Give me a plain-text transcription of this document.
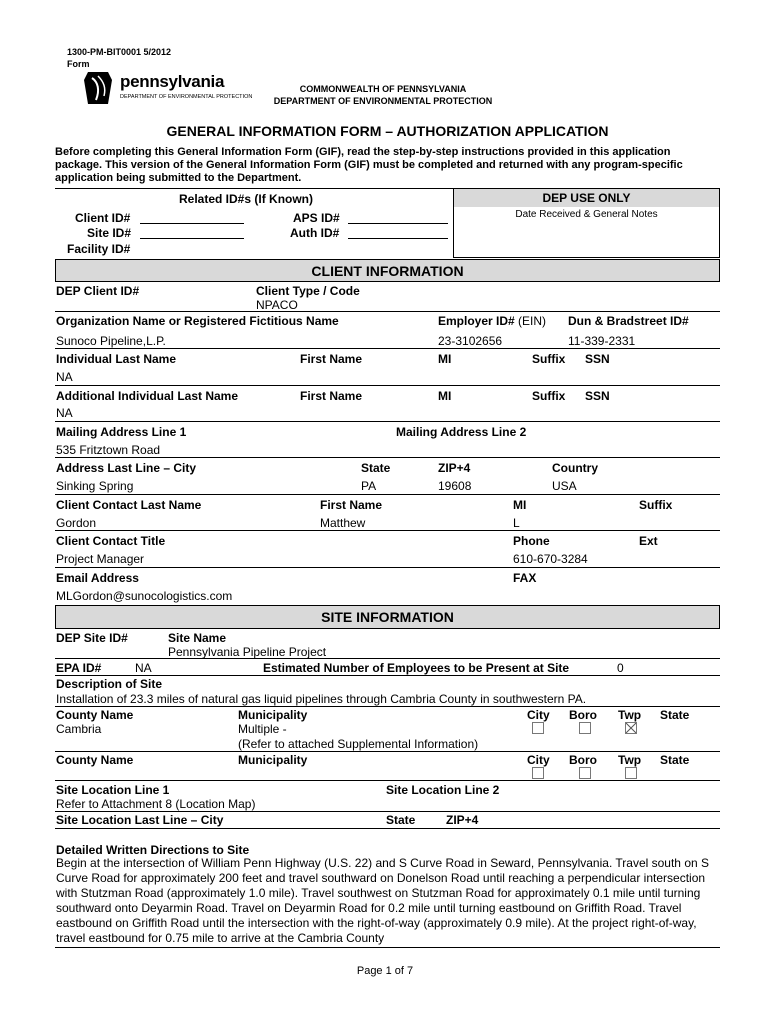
1300-PM-BIT0001 5/2012
Form
pennsylvania
DEPARTMENT OF ENVIRONMENTAL PROTECTION
COMMONWEALTH OF PENNSYLVANIA
DEPARTMENT OF ENVIRONMENTAL PROTECTION
GENERAL INFORMATION FORM – AUTHORIZATION APPLICATION
Before completing this General Information Form (GIF), read the step-by-step instructions provided in this application package. This version of the General Information Form (GIF) must be completed and returned with any program-specific application being submitted to the Department.
Related ID#s (If Known)
Client ID#
Site ID#
Facility ID#
APS ID#
Auth ID#
DEP USE ONLY
Date Received & General Notes
CLIENT INFORMATION
DEP Client ID#	Client Type / Code
NPACO
Organization Name or Registered Fictitious Name	Employer ID# (EIN) Dun & Bradstreet ID#
Sunoco Pipeline,L.P.	23-3102656	11-339-2331
Individual Last Name	First Name	MI	Suffix SSN
NA
Additional Individual Last Name	First Name	MI	Suffix SSN
NA
Mailing Address Line 1	Mailing Address Line 2
535 Fritztown Road
Address Last Line – City	State	ZIP+4	Country
Sinking Spring	PA	19608	USA
Client Contact Last Name	First Name	MI	Suffix
Gordon	Matthew	L
Client Contact Title	Phone	Ext
Project Manager	610-670-3284
Email Address	FAX
MLGordon@sunocologistics.com
SITE INFORMATION
DEP Site ID#	Site Name
Pennsylvania Pipeline Project
EPA ID#	NA	Estimated Number of Employees to be Present at Site	0
Description of Site
Installation of 23.3 miles of natural gas liquid pipelines through Cambria County in southwestern PA.
County Name	Municipality	City Boro Twp State
Cambria	Multiple -
(Refer to attached Supplemental Information)
County Name	Municipality	City Boro Twp State
Site Location Line 1	Site Location Line 2
Refer to Attachment 8 (Location Map)
Site Location Last Line – City	State	ZIP+4
Detailed Written Directions to Site
Begin at the intersection of William Penn Highway (U.S. 22) and S Curve Road in Seward, Pennsylvania. Travel south on S Curve Road for approximately 200 feet and travel southward on Donelson Road until reaching a perpendicular intersection with Stutzman Road (approximately 1.0 mile). Travel southwest on Stutzman Road for approximately 0.1 mile until turning southward onto Deyarmin Road. Travel on Deyarmin Road for 0.2 mile until turning eastbound on Griffith Road. Travel eastbound on Griffith Road until the intersection with the right-of-way (approximately 0.9 mile). At the project right-of-way, travel eastbound for 0.75 mile to arrive at the Cambria County
Page 1 of 7
